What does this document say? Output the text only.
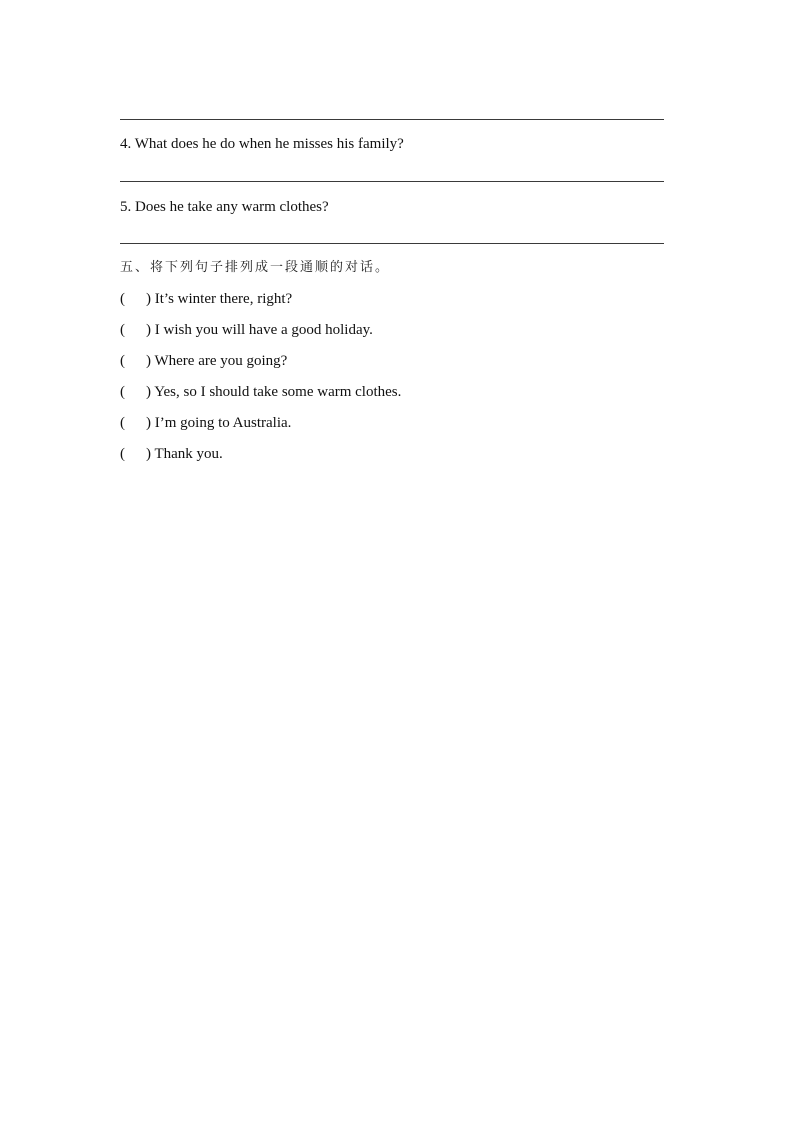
4. What does he do when he misses his family?
5. Does he take any warm clothes?
五、将下列句子排列成一段通顺的对话。
( ) It’s winter there, right?
( ) I wish you will have a good holiday.
( ) Where are you going?
( ) Yes, so I should take some warm clothes.
( ) I’m going to Australia.
( ) Thank you.
